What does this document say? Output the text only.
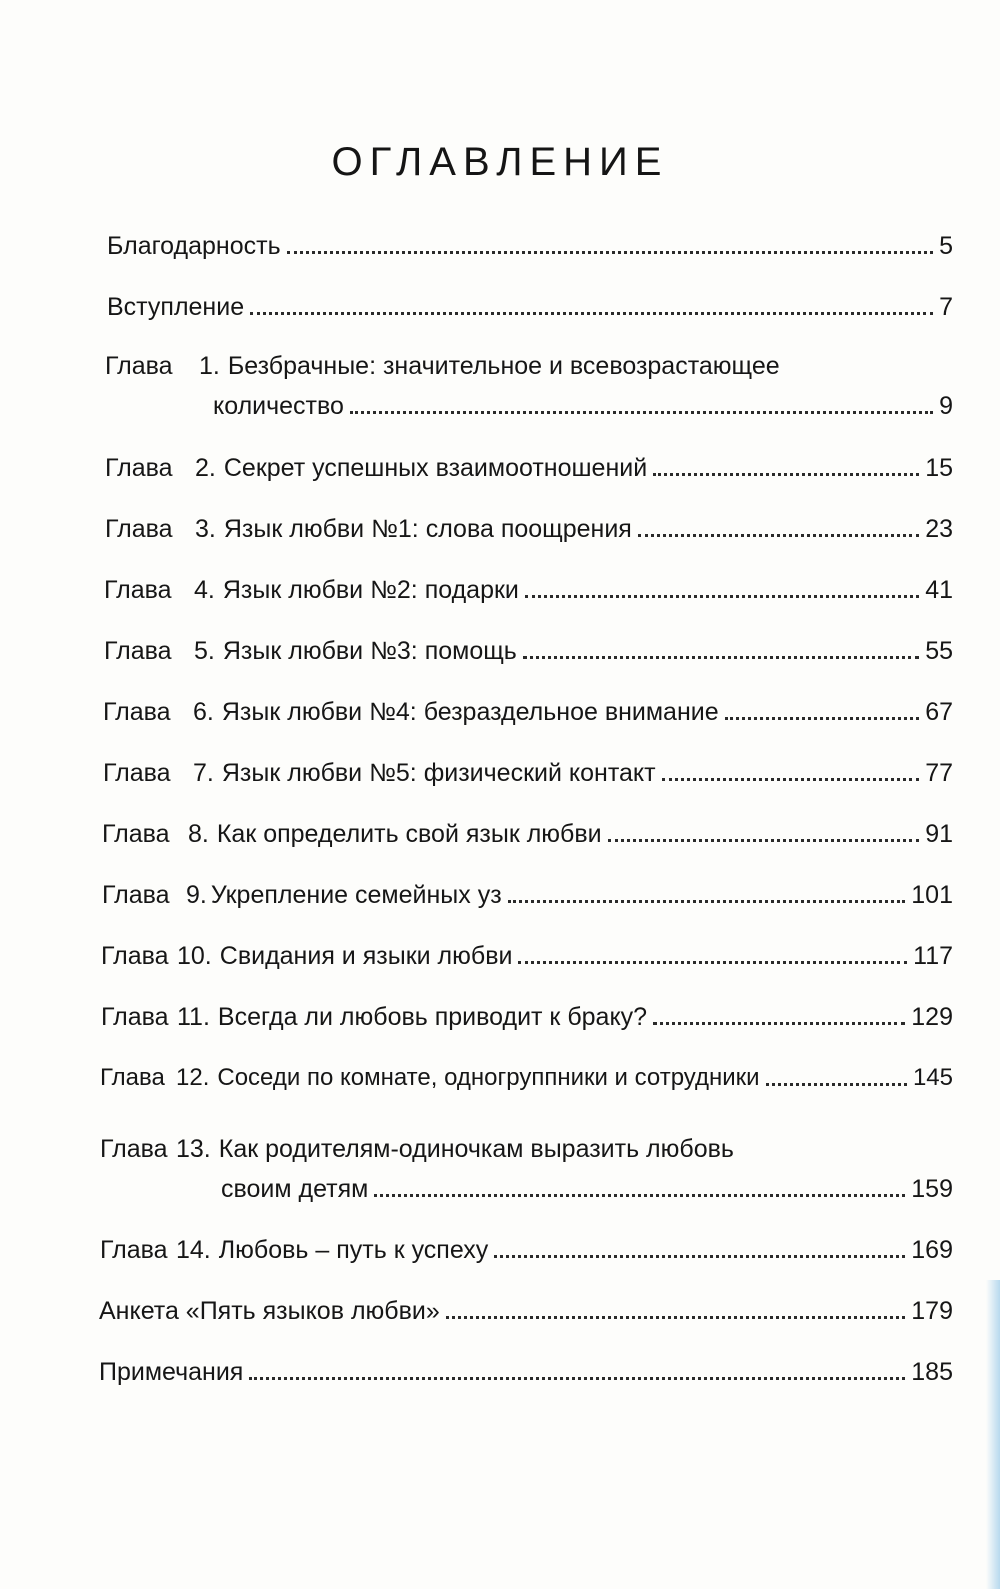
ОГЛАВЛЕНИЕ
Благодарность	5
Вступление	7
Глава	1. Безбрачные: значительное и всевозрастающее
количество	9
Глава 2. Секрет успешных взаимоотношений	15
Глава 3. Язык любви №1: слова поощрения	23
Глава 4. Язык любви №2: подарки	41
Глава 5. Язык любви №3: помощь	55
Глава 6. Язык любви №4: безраздельное внимание	67
Глава 7. Язык любви №5: физический контакт	77
Глава 8. Как определить свой язык любви	91
Глава 9. Укрепление семейных уз	101
Глава 10. Свидания и языки любви	117
Глава 11. Всегда ли любовь приводит к браку?	129
Глава 12. Соседи по комнате, одногруппники и сотрудники	145
Глава 13. Как родителям-одиночкам выразить любовь
своим детям	159
Глава 14. Любовь – путь к успеху	169
Анкета «Пять языков любви»	179
Примечания	185
